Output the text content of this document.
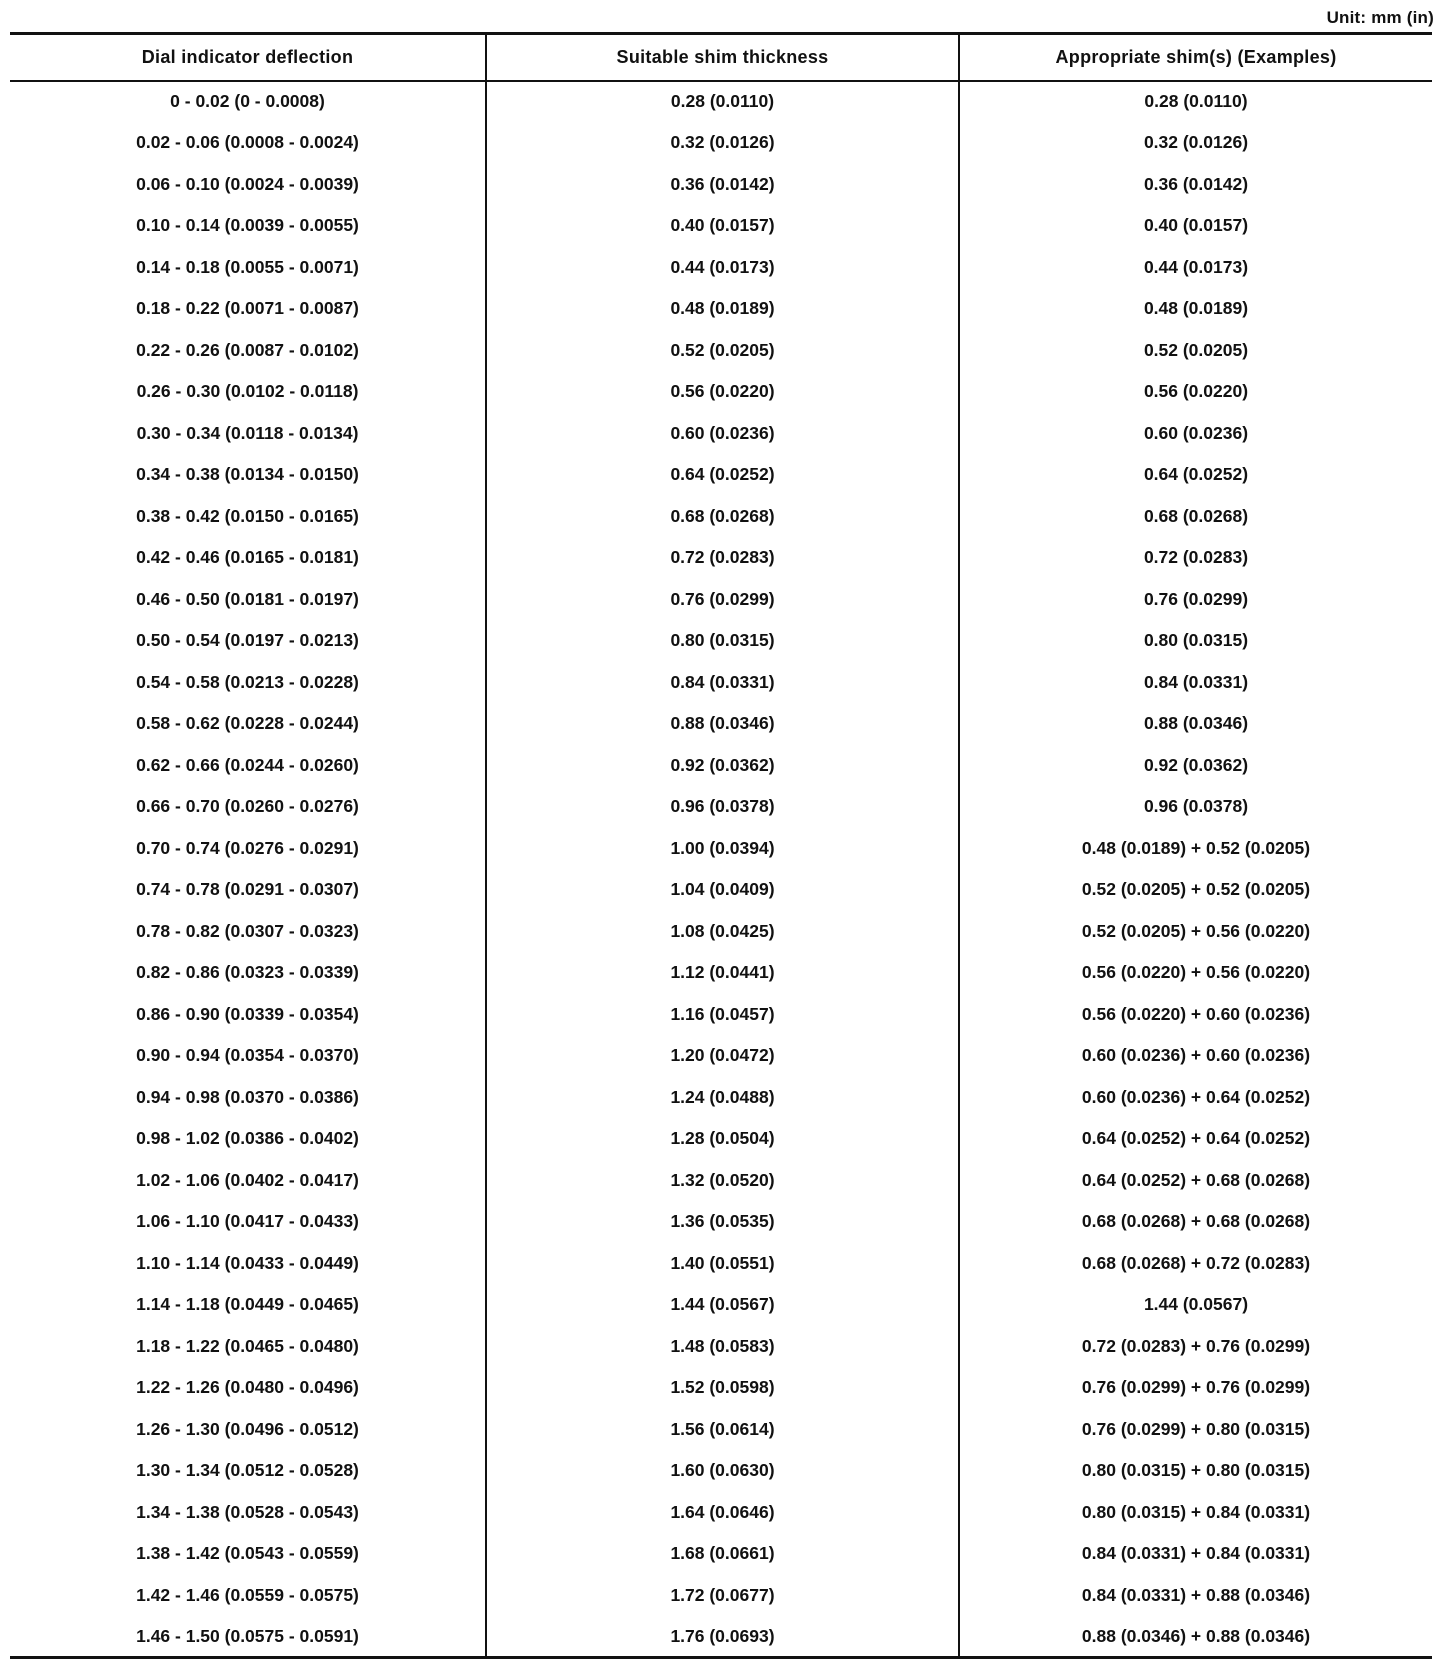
Unit: mm (in)
Dial indicator deflection	Suitable shim thickness	Appropriate shim(s) (Examples)
0 - 0.02 (0 - 0.0008)	0.28 (0.0110)	0.28 (0.0110)
0.02 - 0.06 (0.0008 - 0.0024)	0.32 (0.0126)	0.32 (0.0126)
0.06 - 0.10 (0.0024 - 0.0039)	0.36 (0.0142)	0.36 (0.0142)
0.10 - 0.14 (0.0039 - 0.0055)	0.40 (0.0157)	0.40 (0.0157)
0.14 - 0.18 (0.0055 - 0.0071)	0.44 (0.0173)	0.44 (0.0173)
0.18 - 0.22 (0.0071 - 0.0087)	0.48 (0.0189)	0.48 (0.0189)
0.22 - 0.26 (0.0087 - 0.0102)	0.52 (0.0205)	0.52 (0.0205)
0.26 - 0.30 (0.0102 - 0.0118)	0.56 (0.0220)	0.56 (0.0220)
0.30 - 0.34 (0.0118 - 0.0134)	0.60 (0.0236)	0.60 (0.0236)
0.34 - 0.38 (0.0134 - 0.0150)	0.64 (0.0252)	0.64 (0.0252)
0.38 - 0.42 (0.0150 - 0.0165)	0.68 (0.0268)	0.68 (0.0268)
0.42 - 0.46 (0.0165 - 0.0181)	0.72 (0.0283)	0.72 (0.0283)
0.46 - 0.50 (0.0181 - 0.0197)	0.76 (0.0299)	0.76 (0.0299)
0.50 - 0.54 (0.0197 - 0.0213)	0.80 (0.0315)	0.80 (0.0315)
0.54 - 0.58 (0.0213 - 0.0228)	0.84 (0.0331)	0.84 (0.0331)
0.58 - 0.62 (0.0228 - 0.0244)	0.88 (0.0346)	0.88 (0.0346)
0.62 - 0.66 (0.0244 - 0.0260)	0.92 (0.0362)	0.92 (0.0362)
0.66 - 0.70 (0.0260 - 0.0276)	0.96 (0.0378)	0.96 (0.0378)
0.70 - 0.74 (0.0276 - 0.0291)	1.00 (0.0394)	0.48 (0.0189) + 0.52 (0.0205)
0.74 - 0.78 (0.0291 - 0.0307)	1.04 (0.0409)	0.52 (0.0205) + 0.52 (0.0205)
0.78 - 0.82 (0.0307 - 0.0323)	1.08 (0.0425)	0.52 (0.0205) + 0.56 (0.0220)
0.82 - 0.86 (0.0323 - 0.0339)	1.12 (0.0441)	0.56 (0.0220) + 0.56 (0.0220)
0.86 - 0.90 (0.0339 - 0.0354)	1.16 (0.0457)	0.56 (0.0220) + 0.60 (0.0236)
0.90 - 0.94 (0.0354 - 0.0370)	1.20 (0.0472)	0.60 (0.0236) + 0.60 (0.0236)
0.94 - 0.98 (0.0370 - 0.0386)	1.24 (0.0488)	0.60 (0.0236) + 0.64 (0.0252)
0.98 - 1.02 (0.0386 - 0.0402)	1.28 (0.0504)	0.64 (0.0252) + 0.64 (0.0252)
1.02 - 1.06 (0.0402 - 0.0417)	1.32 (0.0520)	0.64 (0.0252) + 0.68 (0.0268)
1.06 - 1.10 (0.0417 - 0.0433)	1.36 (0.0535)	0.68 (0.0268) + 0.68 (0.0268)
1.10 - 1.14 (0.0433 - 0.0449)	1.40 (0.0551)	0.68 (0.0268) + 0.72 (0.0283)
1.14 - 1.18 (0.0449 - 0.0465)	1.44 (0.0567)	1.44 (0.0567)
1.18 - 1.22 (0.0465 - 0.0480)	1.48 (0.0583)	0.72 (0.0283) + 0.76 (0.0299)
1.22 - 1.26 (0.0480 - 0.0496)	1.52 (0.0598)	0.76 (0.0299) + 0.76 (0.0299)
1.26 - 1.30 (0.0496 - 0.0512)	1.56 (0.0614)	0.76 (0.0299) + 0.80 (0.0315)
1.30 - 1.34 (0.0512 - 0.0528)	1.60 (0.0630)	0.80 (0.0315) + 0.80 (0.0315)
1.34 - 1.38 (0.0528 - 0.0543)	1.64 (0.0646)	0.80 (0.0315) + 0.84 (0.0331)
1.38 - 1.42 (0.0543 - 0.0559)	1.68 (0.0661)	0.84 (0.0331) + 0.84 (0.0331)
1.42 - 1.46 (0.0559 - 0.0575)	1.72 (0.0677)	0.84 (0.0331) + 0.88 (0.0346)
1.46 - 1.50 (0.0575 - 0.0591)	1.76 (0.0693)	0.88 (0.0346) + 0.88 (0.0346)
